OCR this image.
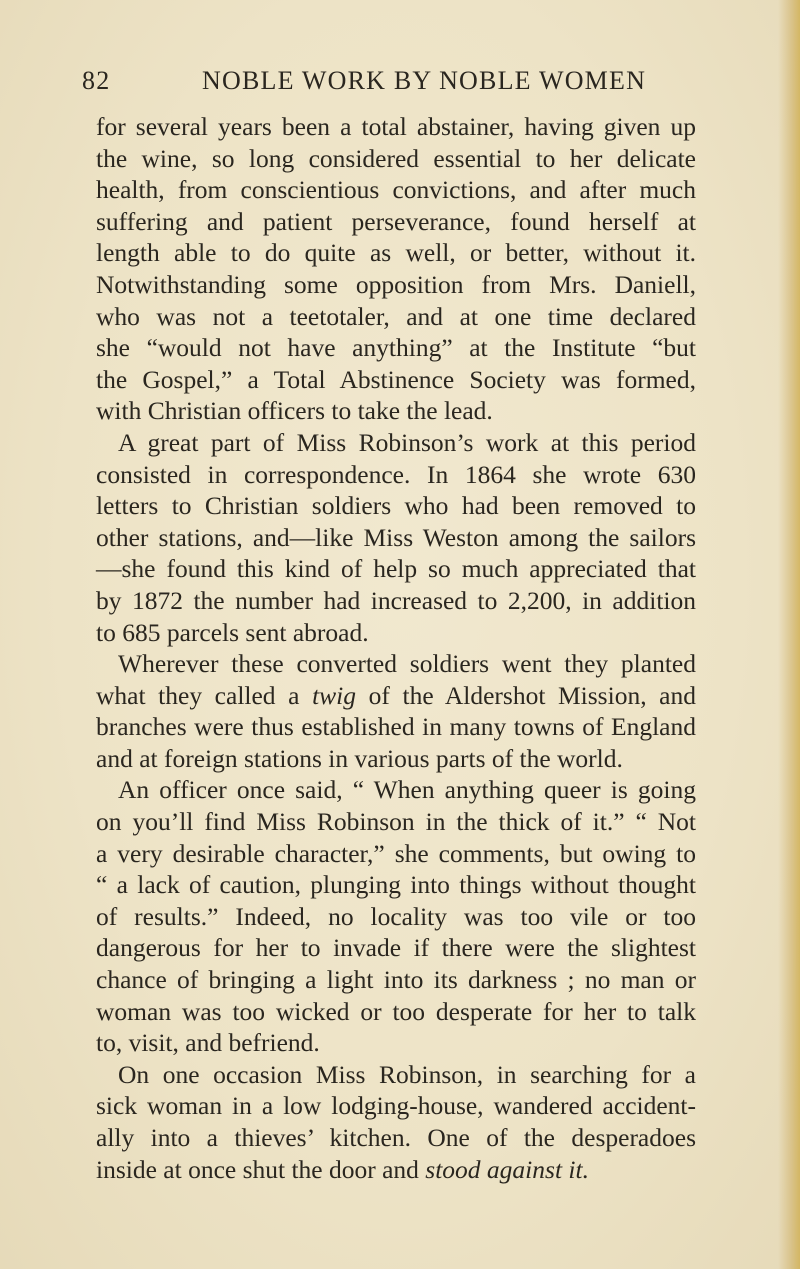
82	NOBLE WORK BY NOBLE WOMEN
for several years been a total abstainer, having given up
the wine, so long considered essential to her delicate
health, from conscientious convictions, and after much
suffering and patient perseverance, found herself at
length able to do quite as well, or better, without it.
Notwithstanding some opposition from Mrs. Daniell,
who was not a teetotaler, and at one time declared
she “would not have anything” at the Institute “but
the Gospel,” a Total Abstinence Society was formed,
with Christian officers to take the lead.
A great part of Miss Robinson’s work at this period
consisted in correspondence. In 1864 she wrote 630
letters to Christian soldiers who had been removed to
other stations, and—like Miss Weston among the sailors
—she found this kind of help so much appreciated that
by 1872 the number had increased to 2,200, in addition
to 685 parcels sent abroad.
Wherever these converted soldiers went they planted
what they called a twig of the Aldershot Mission, and
branches were thus established in many towns of England
and at foreign stations in various parts of the world.
An officer once said, “ When anything queer is going
on you’ll find Miss Robinson in the thick of it.” “ Not
a very desirable character,” she comments, but owing to
“ a lack of caution, plunging into things without thought
of results.” Indeed, no locality was too vile or too
dangerous for her to invade if there were the slightest
chance of bringing a light into its darkness ; no man or
woman was too wicked or too desperate for her to talk
to, visit, and befriend.
On one occasion Miss Robinson, in searching for a
sick woman in a low lodging-house, wandered accident-
ally into a thieves’ kitchen. One of the desperadoes
inside at once shut the door and stood against it.
